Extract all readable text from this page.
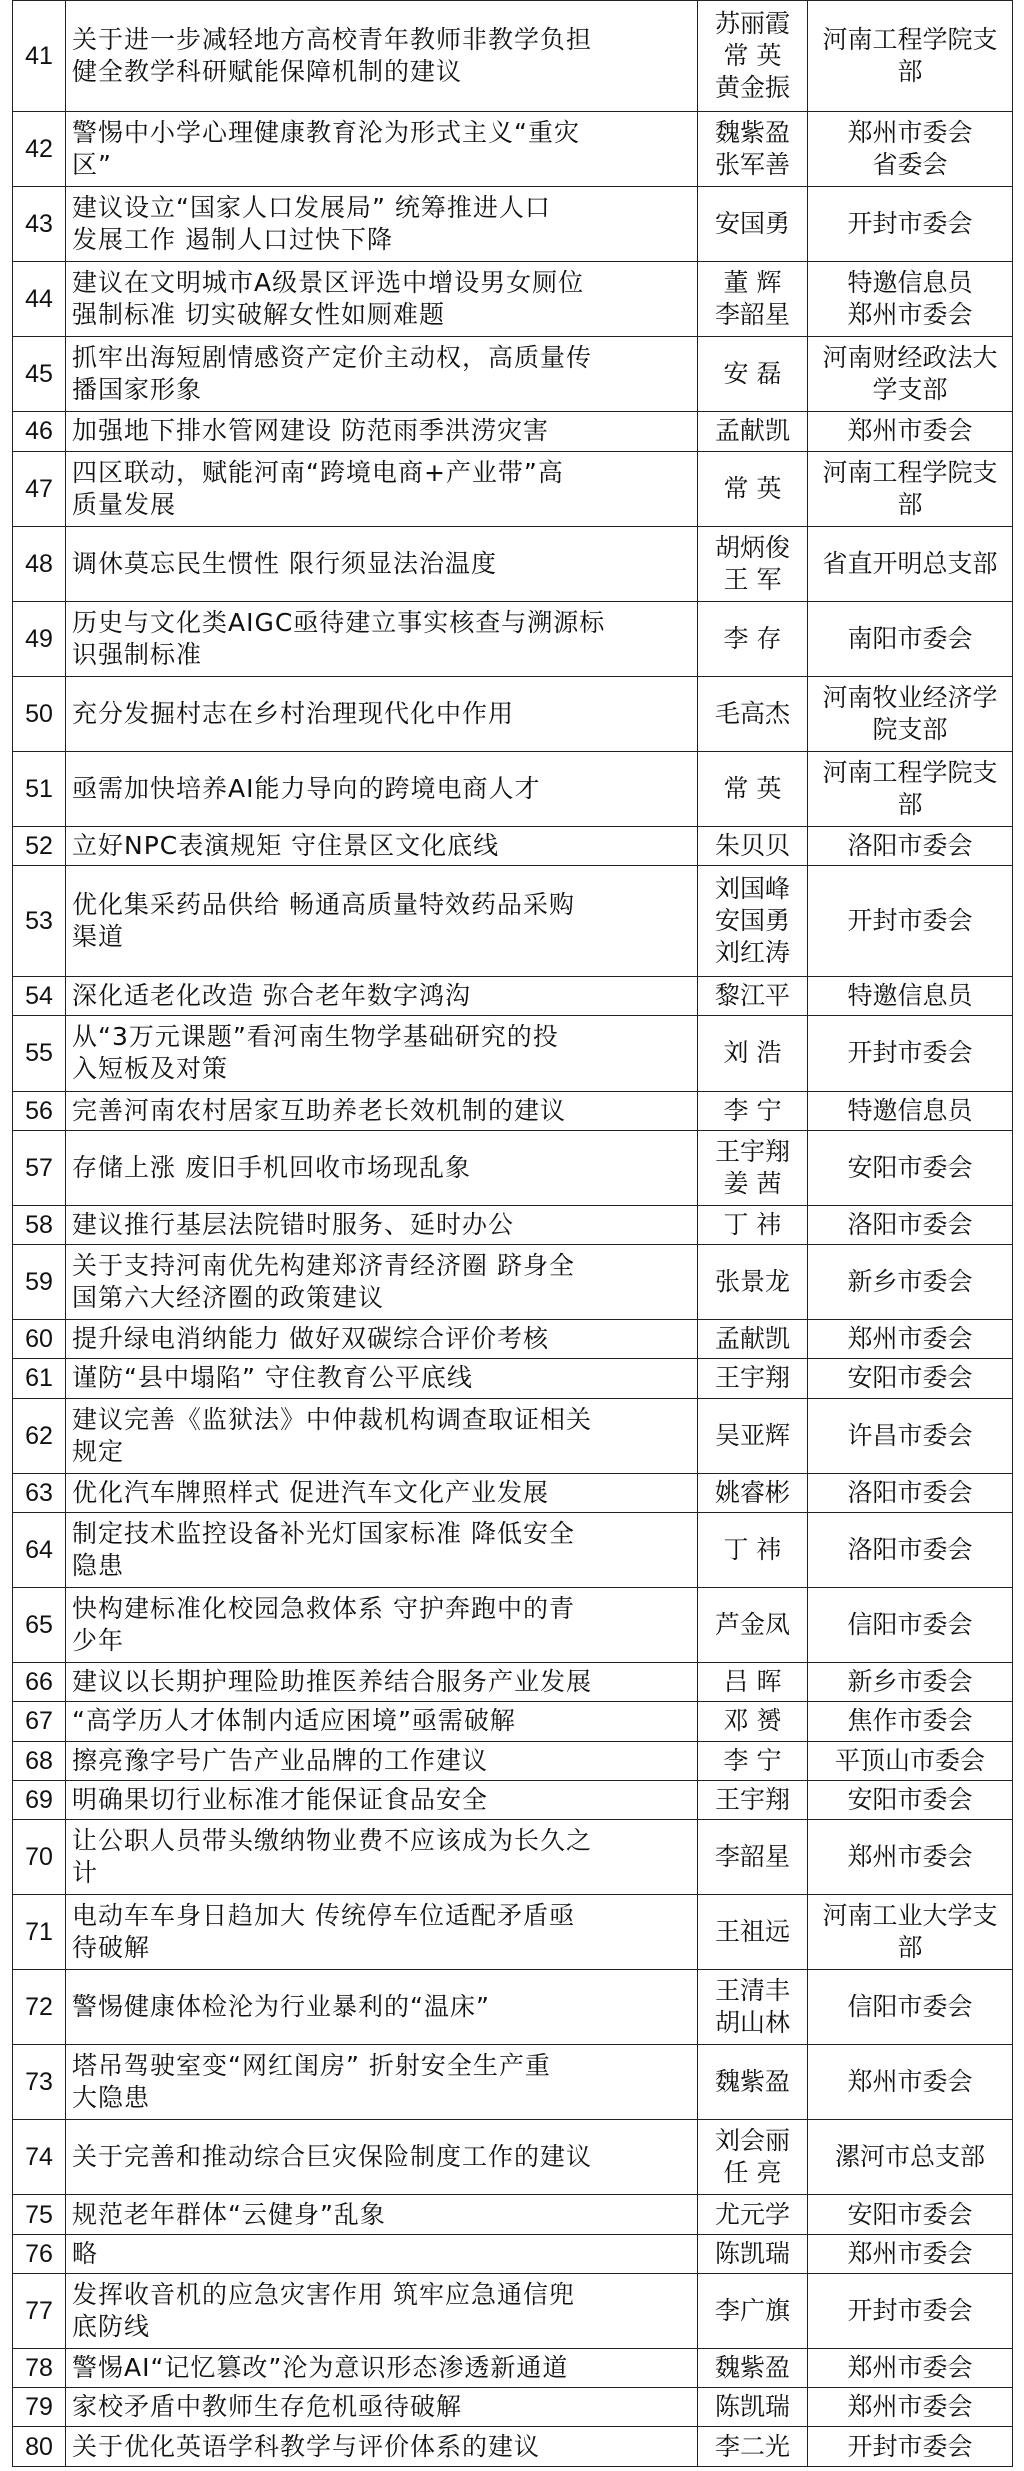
41	关于进一步减轻地方高校青年教师非教学负担
健全教学科研赋能保障机制的建议	苏丽霞
常 英
黄金振	河南工程学院支
部
42	警惕中小学心理健康教育沦为形式主义“重灾
区”	魏紫盈
张军善	郑州市委会
省委会
43	建议设立“国家人口发展局” 统筹推进人口
发展工作 遏制人口过快下降	安国勇	开封市委会
44	建议在文明城市A级景区评选中增设男女厕位
强制标准 切实破解女性如厕难题	董 辉
李韶星	特邀信息员
郑州市委会
45	抓牢出海短剧情感资产定价主动权，高质量传
播国家形象	安 磊	河南财经政法大
学支部
46	加强地下排水管网建设 防范雨季洪涝灾害	孟献凯	郑州市委会
47	四区联动，赋能河南“跨境电商+产业带”高
质量发展	常 英	河南工程学院支
部
48	调休莫忘民生惯性 限行须显法治温度	胡炳俊
王 军	省直开明总支部
49	历史与文化类AIGC亟待建立事实核查与溯源标
识强制标准	李 存	南阳市委会
50	充分发掘村志在乡村治理现代化中作用	毛高杰	河南牧业经济学
院支部
51	亟需加快培养AI能力导向的跨境电商人才	常 英	河南工程学院支
部
52	立好NPC表演规矩 守住景区文化底线	朱贝贝	洛阳市委会
53	优化集采药品供给 畅通高质量特效药品采购
渠道	刘国峰
安国勇
刘红涛	开封市委会
54	深化适老化改造 弥合老年数字鸿沟	黎江平	特邀信息员
55	从“3万元课题”看河南生物学基础研究的投
入短板及对策	刘 浩	开封市委会
56	完善河南农村居家互助养老长效机制的建议	李 宁	特邀信息员
57	存储上涨 废旧手机回收市场现乱象	王宇翔
姜 茜	安阳市委会
58	建议推行基层法院错时服务、延时办公	丁 祎	洛阳市委会
59	关于支持河南优先构建郑济青经济圈 跻身全
国第六大经济圈的政策建议	张景龙	新乡市委会
60	提升绿电消纳能力 做好双碳综合评价考核	孟献凯	郑州市委会
61	谨防“县中塌陷” 守住教育公平底线	王宇翔	安阳市委会
62	建议完善《监狱法》中仲裁机构调查取证相关
规定	吴亚辉	许昌市委会
63	优化汽车牌照样式 促进汽车文化产业发展	姚睿彬	洛阳市委会
64	制定技术监控设备补光灯国家标准 降低安全
隐患	丁 祎	洛阳市委会
65	快构建标准化校园急救体系 守护奔跑中的青
少年	芦金凤	信阳市委会
66	建议以长期护理险助推医养结合服务产业发展	吕 晖	新乡市委会
67	“高学历人才体制内适应困境”亟需破解	邓 赟	焦作市委会
68	擦亮豫字号广告产业品牌的工作建议	李 宁	平顶山市委会
69	明确果切行业标准才能保证食品安全	王宇翔	安阳市委会
70	让公职人员带头缴纳物业费不应该成为长久之
计	李韶星	郑州市委会
71	电动车车身日趋加大 传统停车位适配矛盾亟
待破解	王祖远	河南工业大学支
部
72	警惕健康体检沦为行业暴利的“温床”	王清丰
胡山林	信阳市委会
73	塔吊驾驶室变“网红闺房” 折射安全生产重
大隐患	魏紫盈	郑州市委会
74	关于完善和推动综合巨灾保险制度工作的建议	刘会丽
任 亮	漯河市总支部
75	规范老年群体“云健身”乱象	尤元学	安阳市委会
76	略	陈凯瑞	郑州市委会
77	发挥收音机的应急灾害作用 筑牢应急通信兜
底防线	李广旗	开封市委会
78	警惕AI“记忆篡改”沦为意识形态渗透新通道	魏紫盈	郑州市委会
79	家校矛盾中教师生存危机亟待破解	陈凯瑞	郑州市委会
80	关于优化英语学科教学与评价体系的建议	李二光	开封市委会
